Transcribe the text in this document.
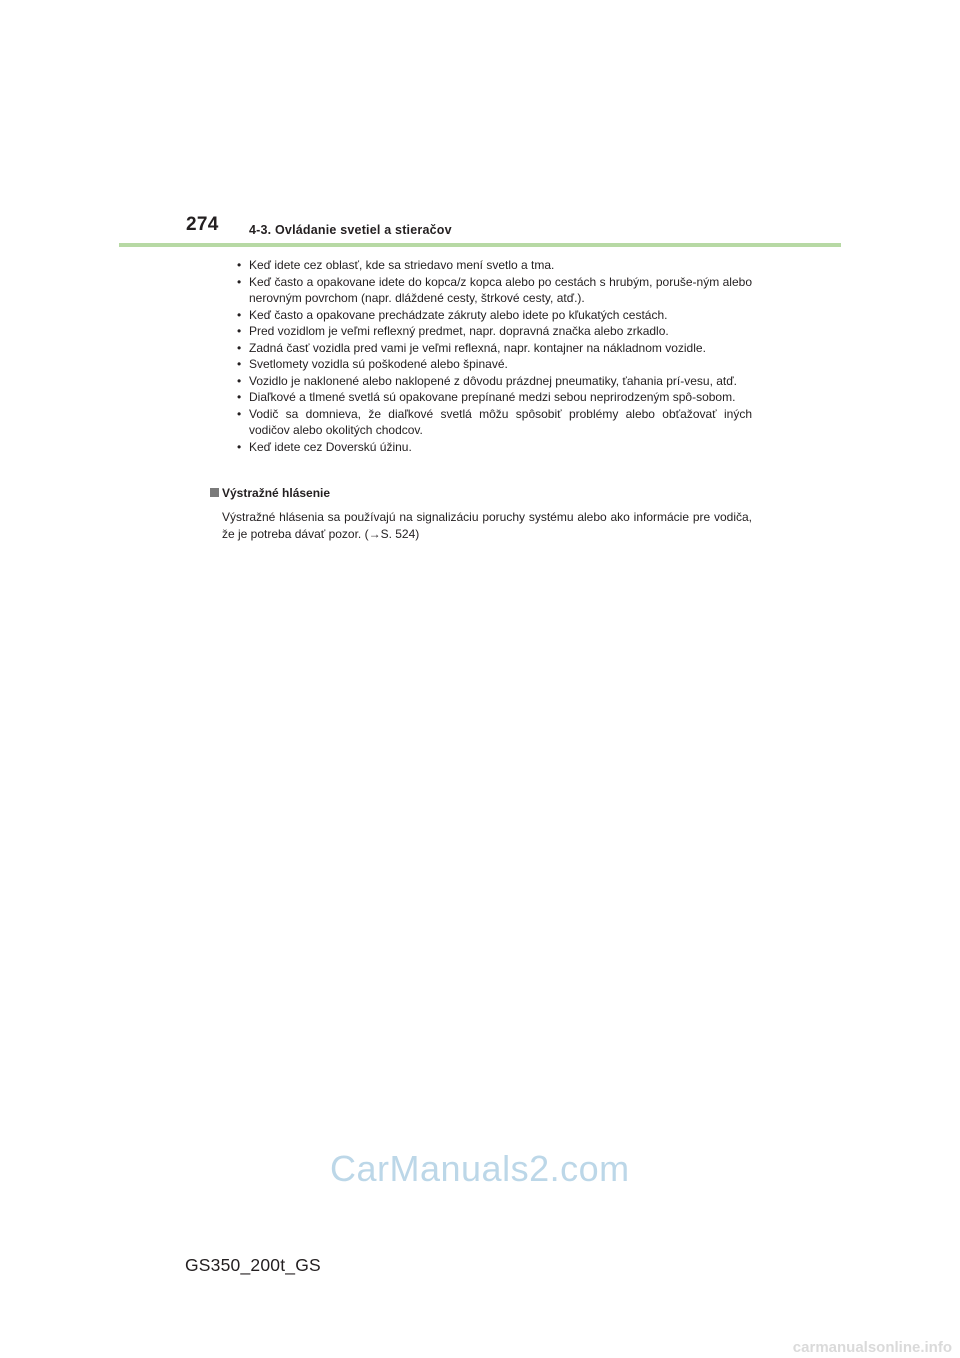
274 4-3. Ovládanie svetiel a stieračov
• Keď idete cez oblasť, kde sa striedavo mení svetlo a tma.
• Keď často a opakovane idete do kopca/z kopca alebo po cestách s hrubým, poruše-ným alebo nerovným povrchom (napr. dláždené cesty, štrkové cesty, atď.).
• Keď často a opakovane prechádzate zákruty alebo idete po kľukatých cestách.
• Pred vozidlom je veľmi reflexný predmet, napr. dopravná značka alebo zrkadlo.
• Zadná časť vozidla pred vami je veľmi reflexná, napr. kontajner na nákladnom vozidle.
• Svetlomety vozidla sú poškodené alebo špinavé.
• Vozidlo je naklonené alebo naklopené z dôvodu prázdnej pneumatiky, ťahania prí-vesu, atď.
• Diaľkové a tlmené svetlá sú opakovane prepínané medzi sebou neprirodzeným spô-sobom.
• Vodič sa domnieva, že diaľkové svetlá môžu spôsobiť problémy alebo obťažovať iných vodičov alebo okolitých chodcov.
• Keď idete cez Doverskú úžinu.
Výstražné hlásenie

Výstražné hlásenia sa používajú na signalizáciu poruchy systému alebo ako informácie pre vodiča, že je potreba dávať pozor. (→S. 524)

CarManuals2.com
GS350_200t_GS
carmanualsonline.info
